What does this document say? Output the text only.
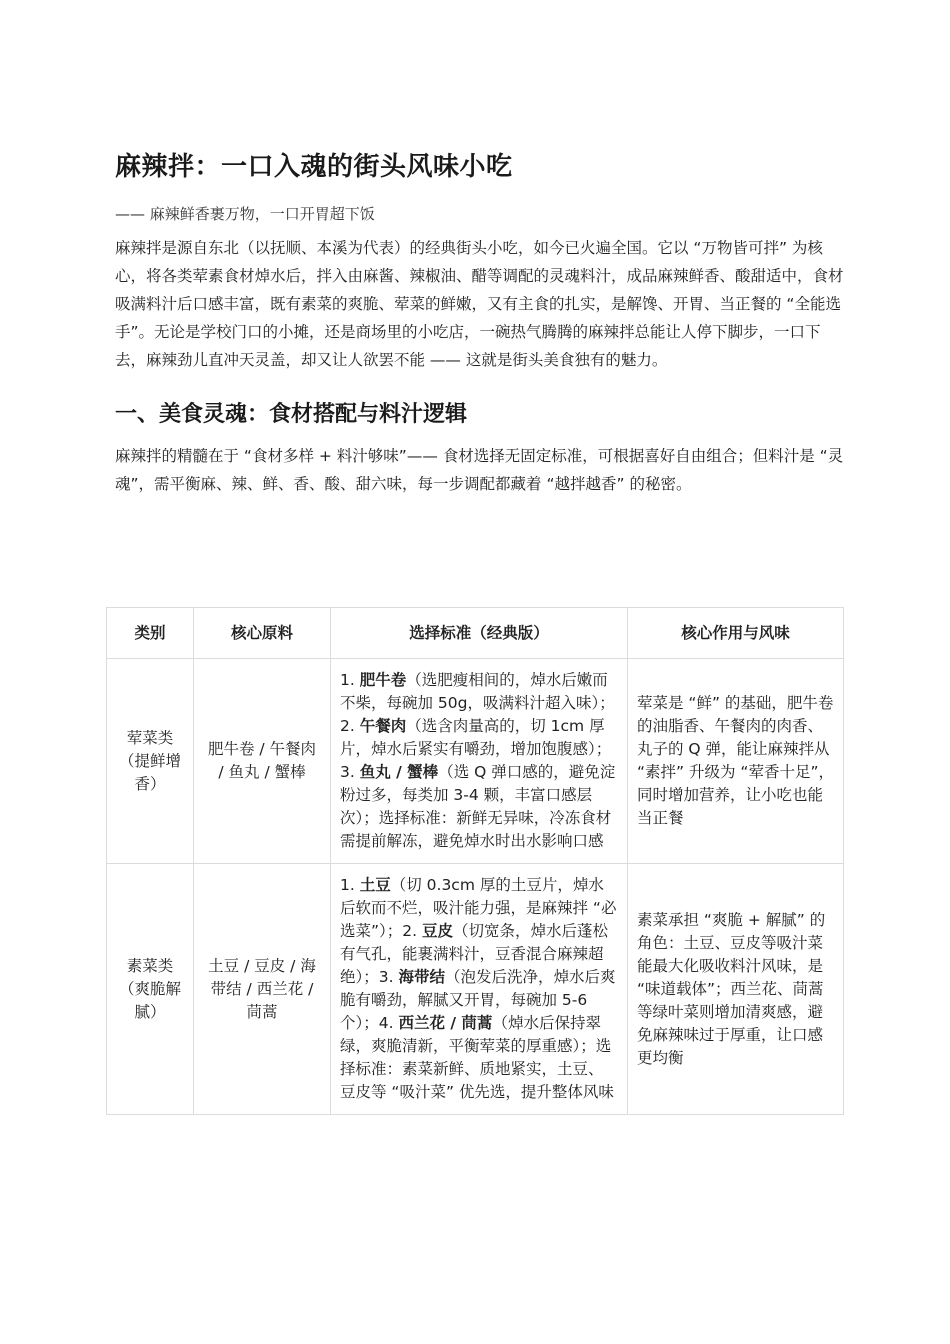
麻辣拌：一口入魂的街头风味小吃
—— 麻辣鲜香裹万物，一口开胃超下饭
麻辣拌是源自东北（以抚顺、本溪为代表）的经典街头小吃，如今已火遍全国。它以 “万物皆可拌” 为核心，将各类荤素食材焯水后，拌入由麻酱、辣椒油、醋等调配的灵魂料汁，成品麻辣鲜香、酸甜适中，食材吸满料汁后口感丰富，既有素菜的爽脆、荤菜的鲜嫩，又有主食的扎实，是解馋、开胃、当正餐的 “全能选手”。无论是学校门口的小摊，还是商场里的小吃店，一碗热气腾腾的麻辣拌总能让人停下脚步，一口下去，麻辣劲儿直冲天灵盖，却又让人欲罢不能 —— 这就是街头美食独有的魅力。
一、美食灵魂：食材搭配与料汁逻辑
麻辣拌的精髓在于 “食材多样 + 料汁够味”—— 食材选择无固定标准，可根据喜好自由组合；但料汁是 “灵魂”，需平衡麻、辣、鲜、香、酸、甜六味，每一步调配都藏着 “越拌越香” 的秘密。
类别	核心原料	选择标准（经典版）	核心作用与风味
荤菜类（提鲜增香）	肥牛卷 / 午餐肉 / 鱼丸 / 蟹棒	1. 肥牛卷（选肥瘦相间的，焯水后嫩而不柴，每碗加 50g，吸满料汁超入味）；2. 午餐肉（选含肉量高的，切 1cm 厚片，焯水后紧实有嚼劲，增加饱腹感）；3. 鱼丸 / 蟹棒（选 Q 弹口感的，避免淀粉过多，每类加 3-4 颗，丰富口感层次）；选择标准：新鲜无异味，冷冻食材需提前解冻，避免焯水时出水影响口感	荤菜是 “鲜” 的基础，肥牛卷的油脂香、午餐肉的肉香、丸子的 Q 弹，能让麻辣拌从 “素拌” 升级为 “荤香十足”，同时增加营养，让小吃也能当正餐
素菜类（爽脆解腻）	土豆 / 豆皮 / 海带结 / 西兰花 / 茼蒿	1. 土豆（切 0.3cm 厚的土豆片，焯水后软而不烂，吸汁能力强，是麻辣拌 “必选菜”）；2. 豆皮（切宽条，焯水后蓬松有气孔，能裹满料汁，豆香混合麻辣超绝）；3. 海带结（泡发后洗净，焯水后爽脆有嚼劲，解腻又开胃，每碗加 5-6 个）；4. 西兰花 / 茼蒿（焯水后保持翠绿，爽脆清新，平衡荤菜的厚重感）；选择标准：素菜新鲜、质地紧实，土豆、豆皮等 “吸汁菜” 优先选，提升整体风味	素菜承担 “爽脆 + 解腻” 的角色：土豆、豆皮等吸汁菜能最大化吸收料汁风味，是 “味道载体”；西兰花、茼蒿等绿叶菜则增加清爽感，避免麻辣味过于厚重，让口感更均衡
